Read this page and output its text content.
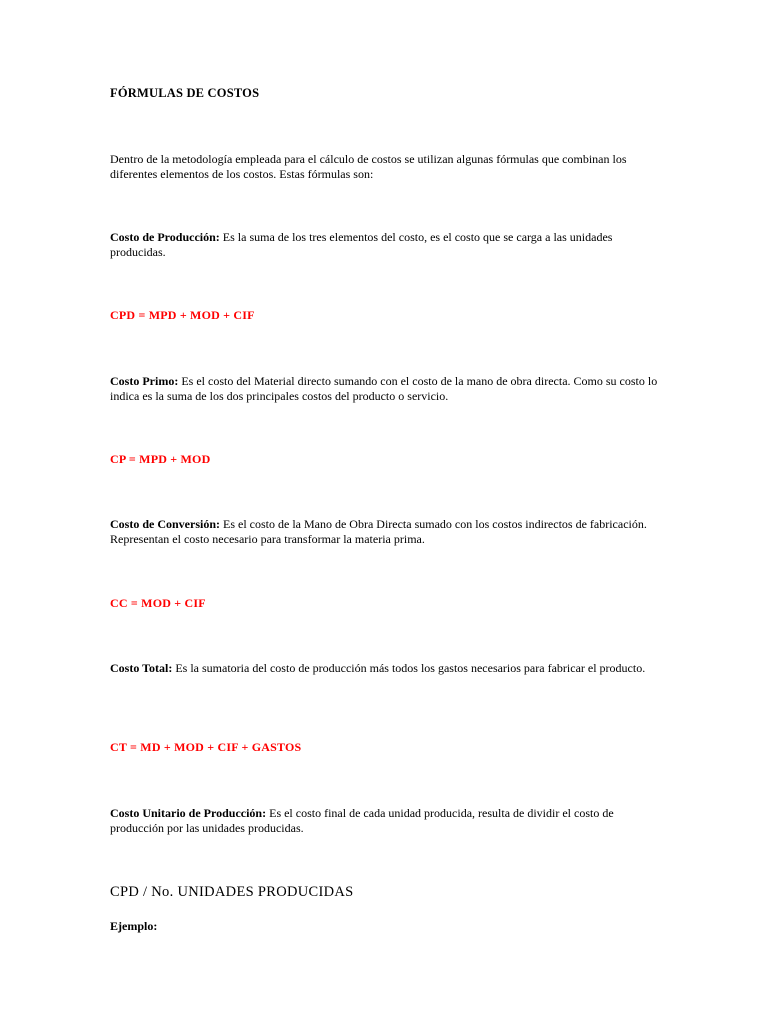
FÓRMULAS DE COSTOS

Dentro de la metodología empleada para el cálculo de costos se utilizan algunas fórmulas que combinan los diferentes elementos de los costos. Estas fórmulas son:

Costo de Producción: Es la suma de los tres elementos del costo, es el costo que se carga a las unidades producidas.

CPD = MPD + MOD + CIF

Costo Primo: Es el costo del Material directo sumando con el costo de la mano de obra directa. Como su costo lo indica es la suma de los dos principales costos del producto o servicio.

CP = MPD + MOD

Costo de Conversión: Es el costo de la Mano de Obra Directa sumado con los costos indirectos de fabricación. Representan el costo necesario para transformar la materia prima.

CC = MOD + CIF

Costo Total: Es la sumatoria del costo de producción más todos los gastos necesarios para fabricar el producto.

CT = MD + MOD + CIF + GASTOS

Costo Unitario de Producción: Es el costo final de cada unidad producida, resulta de dividir el costo de producción por las unidades producidas.

CPD / No. UNIDADES PRODUCIDAS

Ejemplo:
